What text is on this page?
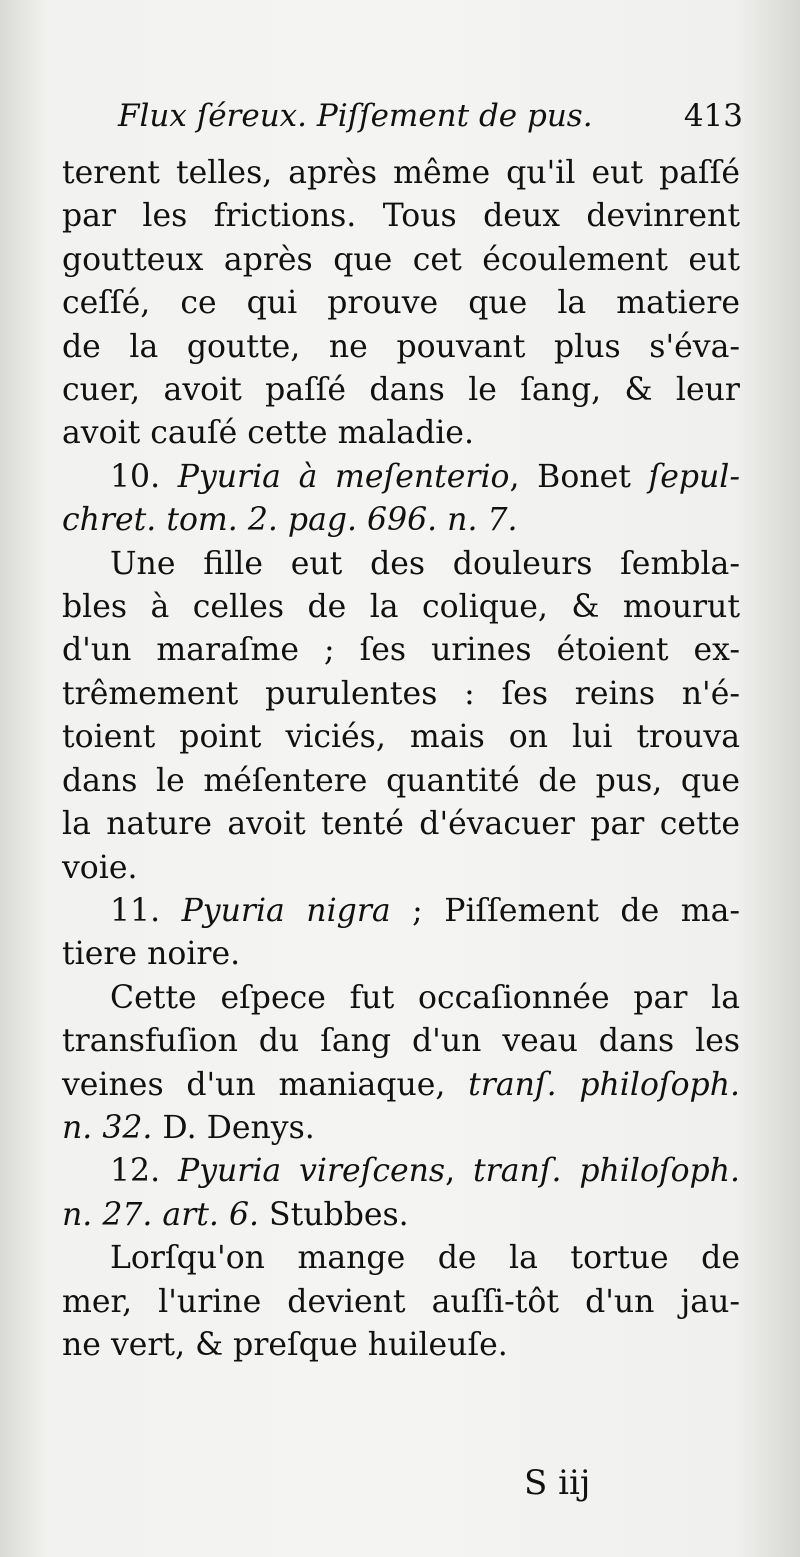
Flux ſéreux. Piſſement de pus.	413

terent telles, après même qu'il eut paſſé
par les frictions. Tous deux devinrent
goutteux après que cet écoulement eut
ceſſé, ce qui prouve que la matiere
de la goutte, ne pouvant plus s'éva-
cuer, avoit paſſé dans le ſang, & leur
avoit cauſé cette maladie.

10. Pyuria à meſenterio, Bonet ſepul-
chret. tom. 2. pag. 696. n. 7.

Une fille eut des douleurs ſembla-
bles à celles de la colique, & mourut
d'un maraſme ; ſes urines étoient ex-
trêmement purulentes : ſes reins n'é-
toient point viciés, mais on lui trouva
dans le méſentere quantité de pus, que
la nature avoit tenté d'évacuer par cette
voie.

11. Pyuria nigra ; Piſſement de ma-
tiere noire.

Cette eſpece fut occaſionnée par la
transfuſion du ſang d'un veau dans les
veines d'un maniaque, tranſ. philoſoph.
n. 32. D. Denys.

12. Pyuria vireſcens, tranſ. philoſoph.
n. 27. art. 6. Stubbes.

Lorſqu'on mange de la tortue de
mer, l'urine devient auſſi-tôt d'un jau-
ne vert, & preſque huileuſe.

S iij
